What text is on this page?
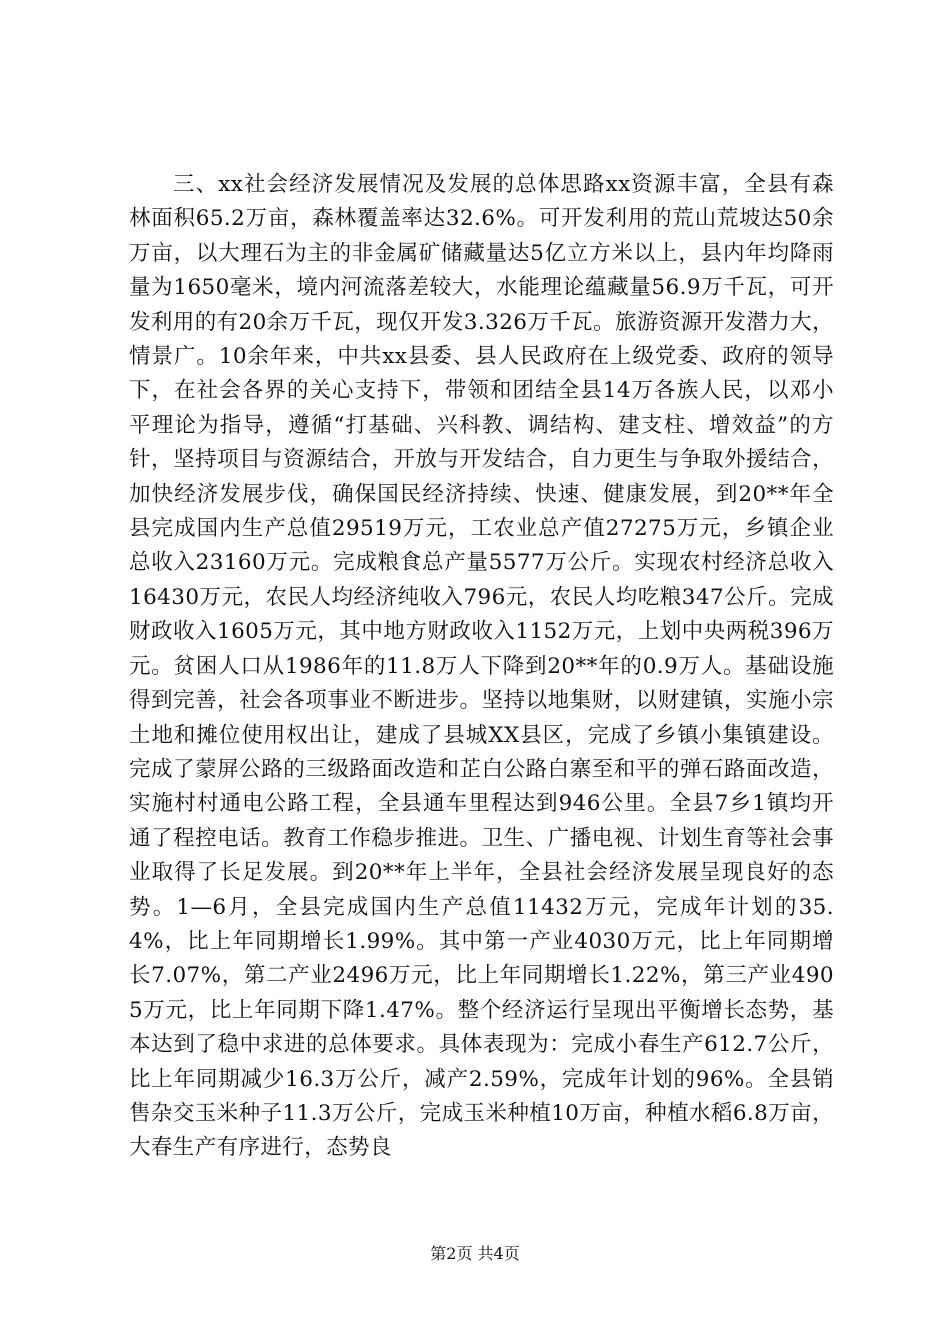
三、xx社会经济发展情况及发展的总体思路xx资源丰富，全县有森林面积65.2万亩，森林覆盖率达32.6%。可开发利用的荒山荒坡达50余万亩，以大理石为主的非金属矿储藏量达5亿立方米以上，县内年均降雨量为1650毫米，境内河流落差较大，水能理论蕴藏量56.9万千瓦，可开发利用的有20余万千瓦，现仅开发3.326万千瓦。旅游资源开发潜力大，情景广。10余年来，中共xx县委、县人民政府在上级党委、政府的领导下，在社会各界的关心支持下，带领和团结全县14万各族人民，以邓小平理论为指导，遵循“打基础、兴科教、调结构、建支柱、增效益”的方针，坚持项目与资源结合，开放与开发结合，自力更生与争取外援结合，加快经济发展步伐，确保国民经济持续、快速、健康发展，到20**年全县完成国内生产总值29519万元，工农业总产值27275万元，乡镇企业总收入23160万元。完成粮食总产量5577万公斤。实现农村经济总收入16430万元，农民人均经济纯收入796元，农民人均吃粮347公斤。完成财政收入1605万元，其中地方财政收入1152万元，上划中央两税396万元。贫困人口从1986年的11.8万人下降到20**年的0.9万人。基础设施得到完善，社会各项事业不断进步。坚持以地集财，以财建镇，实施小宗土地和摊位使用权出让，建成了县城XX县区，完成了乡镇小集镇建设。完成了蒙屏公路的三级路面改造和芷白公路白寨至和平的弹石路面改造，实施村村通电公路工程，全县通车里程达到946公里。全县7乡1镇均开通了程控电话。教育工作稳步推进。卫生、广播电视、计划生育等社会事业取得了长足发展。到20**年上半年，全县社会经济发展呈现良好的态势。1—6月，全县完成国内生产总值11432万元，完成年计划的35.4%，比上年同期增长1.99%。其中第一产业4030万元，比上年同期增长7.07%，第二产业2496万元，比上年同期增长1.22%，第三产业4905万元，比上年同期下降1.47%。整个经济运行呈现出平衡增长态势，基本达到了稳中求进的总体要求。具体表现为：完成小春生产612.7公斤，比上年同期减少16.3万公斤，减产2.59%，完成年计划的96%。全县销售杂交玉米种子11.3万公斤，完成玉米种植10万亩，种植水稻6.8万亩，大春生产有序进行，态势良

第2页 共4页
